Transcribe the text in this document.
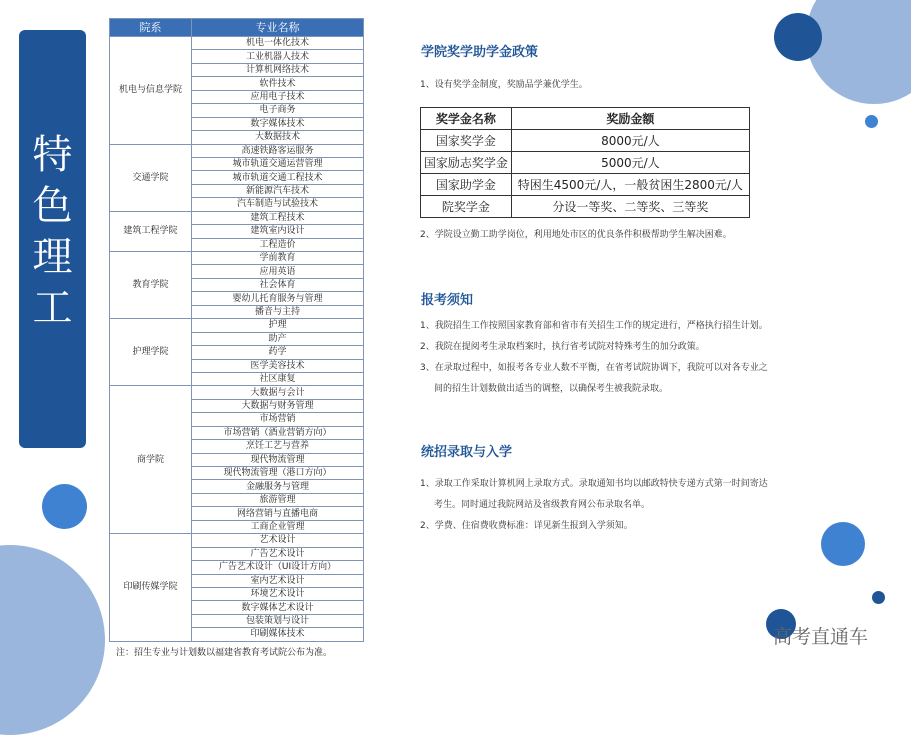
特色理工
院系	专业名称
机电与信息学院	机电一体化技术
	工业机器人技术
	计算机网络技术
	软件技术
	应用电子技术
	电子商务
	数字媒体技术
	大数据技术
交通学院	高速铁路客运服务
	城市轨道交通运营管理
	城市轨道交通工程技术
	新能源汽车技术
	汽车制造与试验技术
建筑工程学院	建筑工程技术
	建筑室内设计
	工程造价
教育学院	学前教育
	应用英语
	社会体育
	婴幼儿托育服务与管理
	播音与主持
护理学院	护理
	助产
	药学
	医学美容技术
	社区康复
商学院	大数据与会计
	大数据与财务管理
	市场营销
	市场营销（酒业营销方向）
	烹饪工艺与营养
	现代物流管理
	现代物流管理（港口方向）
	金融服务与管理
	旅游管理
	网络营销与直播电商
	工商企业管理
印刷传媒学院	艺术设计
	广告艺术设计
	广告艺术设计（UI设计方向）
	室内艺术设计
	环境艺术设计
	数字媒体艺术设计
	包装策划与设计
	印刷媒体技术
注：招生专业与计划数以福建省教育考试院公布为准。
学院奖学助学金政策
1、设有奖学金制度，奖励品学兼优学生。
奖学金名称	奖励金额
国家奖学金	8000元/人
国家励志奖学金	5000元/人
国家助学金	特困生4500元/人，一般贫困生2800元/人
院奖学金	分设一等奖、二等奖、三等奖
2、学院设立勤工助学岗位，利用地处市区的优良条件积极帮助学生解决困难。
报考须知
1、我院招生工作按照国家教育部和省市有关招生工作的规定进行，严格执行招生计划。
2、我院在提阅考生录取档案时，执行省考试院对特殊考生的加分政策。
3、在录取过程中，如报考各专业人数不平衡，在省考试院协调下，我院可以对各专业之
间的招生计划数做出适当的调整，以确保考生被我院录取。
统招录取与入学
1、录取工作采取计算机网上录取方式。录取通知书均以邮政特快专递方式第一时间寄达
考生。同时通过我院网站及省级教育网公布录取名单。
2、学费、住宿费收费标准：详见新生报到入学须知。
高考直通车
